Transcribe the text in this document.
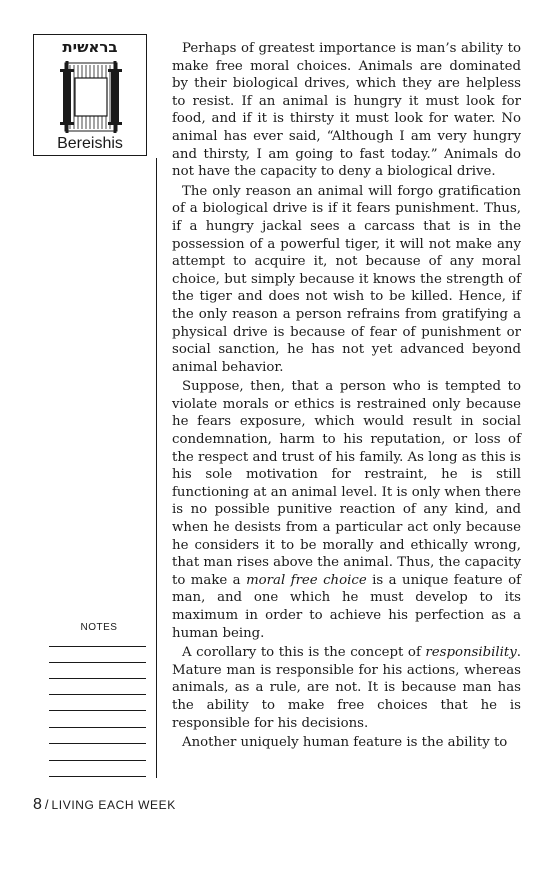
בראשית
Bereishis
NOTES

Perhaps of greatest importance is man’s ability to make free moral choices. Animals are dominated by their biological drives, which they are helpless to resist. If an animal is hungry it must look for food, and if it is thirsty it must look for water. No animal has ever said, “Although I am very hungry and thirsty, I am going to fast today.” Animals do not have the capacity to deny a biological drive.

The only reason an animal will forgo gratification of a biological drive is if it fears punishment. Thus, if a hungry jackal sees a carcass that is in the possession of a powerful tiger, it will not make any attempt to acquire it, not because of any moral choice, but simply because it knows the strength of the tiger and does not wish to be killed. Hence, if the only reason a person refrains from gratifying a physical drive is because of fear of punishment or social sanction, he has not yet advanced beyond animal behavior.

Suppose, then, that a person who is tempted to violate morals or ethics is restrained only because he fears exposure, which would result in social condemnation, harm to his reputation, or loss of the respect and trust of his family. As long as this is his sole motivation for restraint, he is still functioning at an animal level. It is only when there is no possible punitive reaction of any kind, and when he desists from a particular act only because he considers it to be morally and ethically wrong, that man rises above the animal. Thus, the capacity to make a moral free choice is a unique feature of man, and one which he must develop to its maximum in order to achieve his perfection as a human being.

A corollary to this is the concept of responsibility. Mature man is responsible for his actions, whereas animals, as a rule, are not. It is because man has the ability to make free choices that he is responsible for his decisions.

Another uniquely human feature is the ability to

8 / LIVING EACH WEEK
